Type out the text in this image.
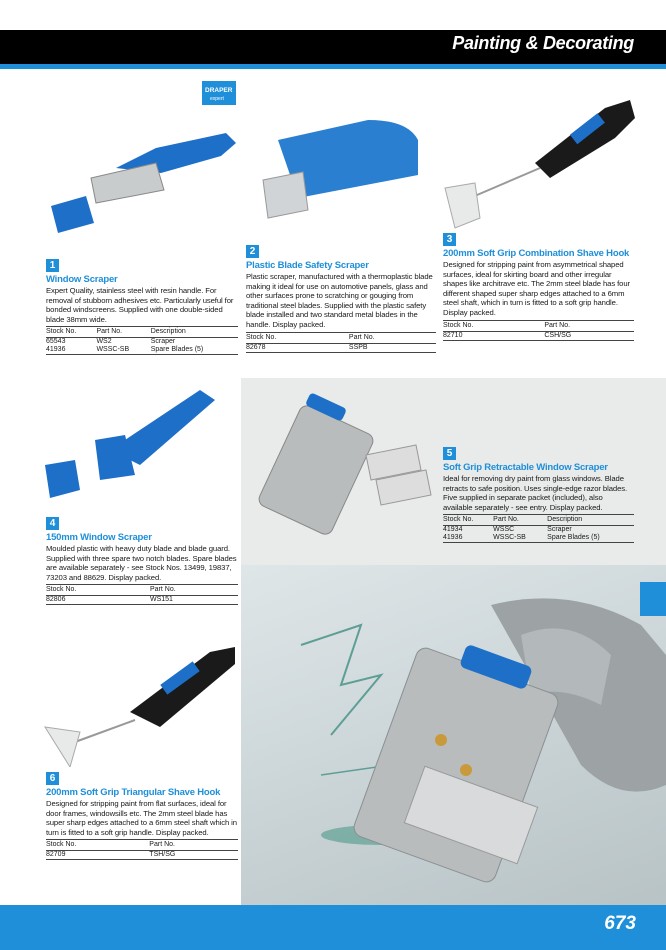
Painting & Decorating
DRAPER
expert
1
Window Scraper
Expert Quality, stainless steel with resin handle. For removal of stubborn adhesives etc. Particularly useful for bonded windscreens. Supplied with one double-sided blade 38mm wide.
Stock No.	Part No.	Description
65543	WS2	Scraper
41936	WSSC-SB	Spare Blades (5)
2
Plastic Blade Safety Scraper
Plastic scraper, manufactured with a thermoplastic blade making it ideal for use on automotive panels, glass and other surfaces prone to scratching or gouging from traditional steel blades. Supplied with the plastic safety blade installed and two standard metal blades in the handle. Display packed.
Stock No.	Part No.
82678	SSPB
3
200mm Soft Grip Combination Shave Hook
Designed for stripping paint from asymmetrical shaped surfaces, ideal for skirting board and other irregular shapes like architrave etc. The 2mm steel blade has four different shaped super sharp edges attached to a 6mm steel shaft, which in turn is fitted to a soft grip handle. Display packed.
Stock No.	Part No.
82710	CSH/SG
4
150mm Window Scraper
Moulded plastic with heavy duty blade and blade guard. Supplied with three spare two notch blades. Spare blades are available separately - see Stock Nos. 13499, 19837, 73203 and 88629. Display packed.
Stock No.	Part No.
82806	WS151
5
Soft Grip Retractable Window Scraper
Ideal for removing dry paint from glass windows. Blade retracts to safe position. Uses single-edge razor blades. Five supplied in separate packet (included), also available separately - see entry. Display packed.
Stock No.	Part No.	Description
41934	WSSC	Scraper
41936	WSSC-SB	Spare Blades (5)
6
200mm Soft Grip Triangular Shave Hook
Designed for stripping paint from flat surfaces, ideal for door frames, windowsills etc. The 2mm steel blade has super sharp edges attached to a 6mm steel shaft which in turn is fitted to a soft grip handle. Display packed.
Stock No.	Part No.
82709	TSH/SG
673
